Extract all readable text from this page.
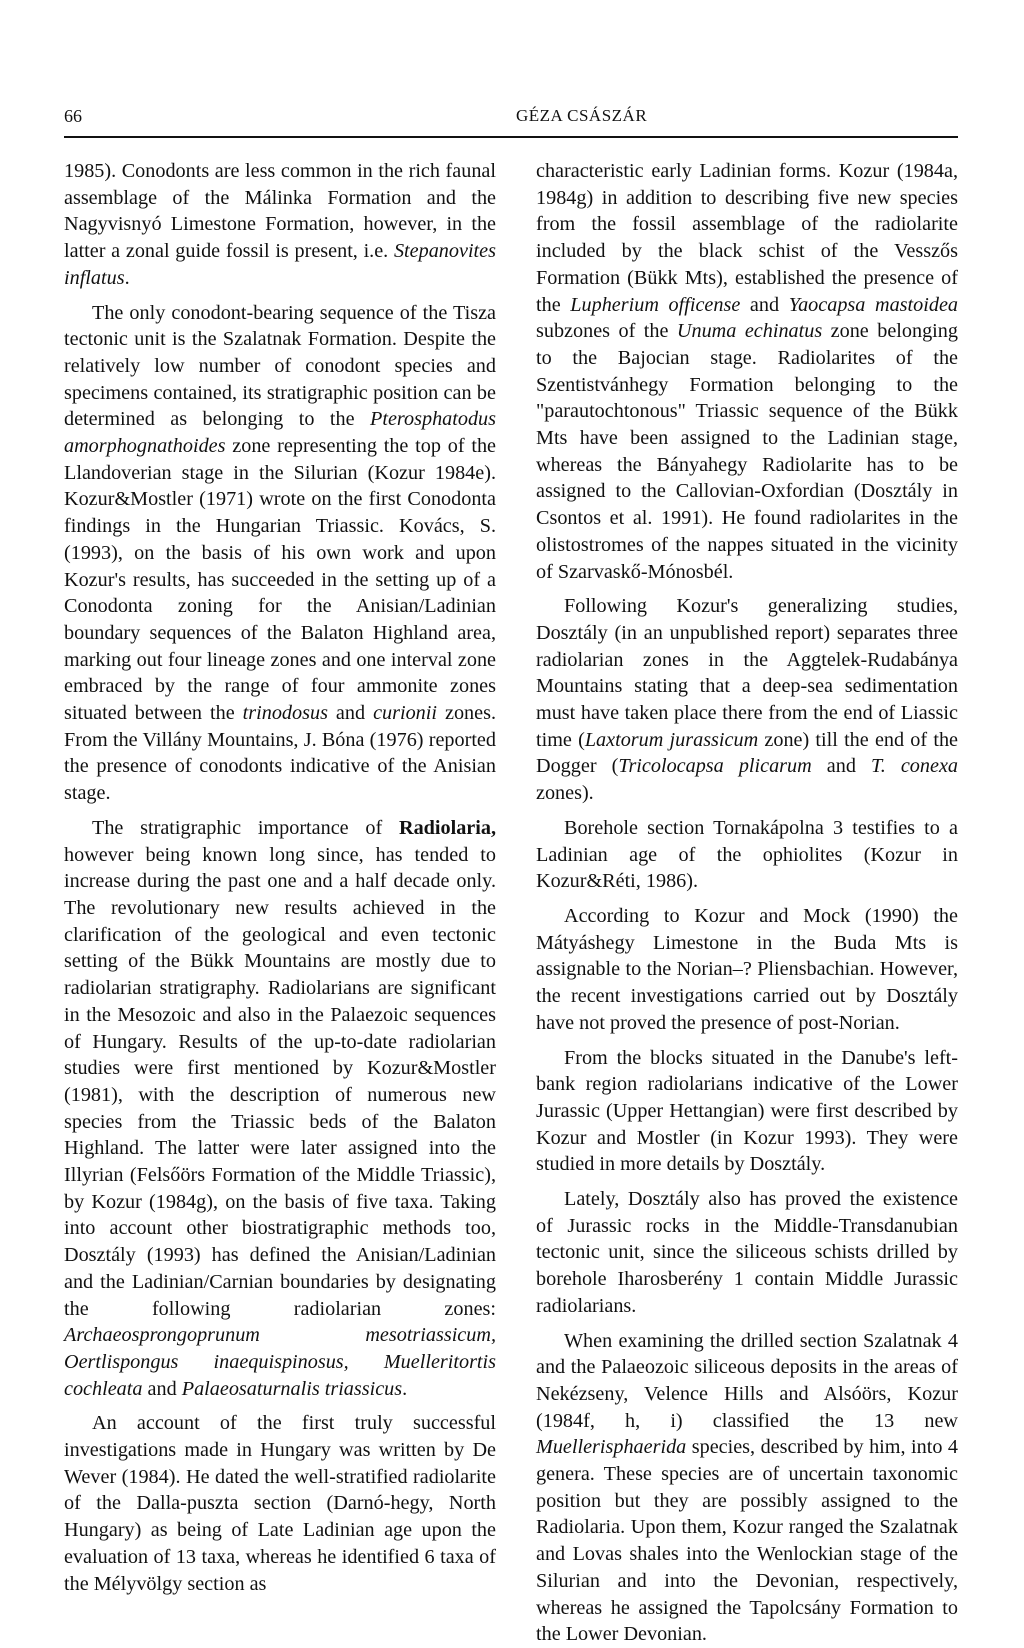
66	GÉZA CSÁSZÁR

1985). Conodonts are less common in the rich faunal assemblage of the Málinka Formation and the Nagyvisnyó Limestone Formation, however, in the latter a zonal guide fossil is present, i.e. Stepanovites inflatus.

The only conodont-bearing sequence of the Tisza tectonic unit is the Szalatnak Formation. Despite the relatively low number of conodont species and specimens contained, its stratigraphic position can be determined as belonging to the Pterosphatodus amorphognathoides zone representing the top of the Llandoverian stage in the Silurian (Kozur 1984e). Kozur&Mostler (1971) wrote on the first Conodonta findings in the Hungarian Triassic. Kovács, S. (1993), on the basis of his own work and upon Kozur's results, has succeeded in the setting up of a Conodonta zoning for the Anisian/Ladinian boundary sequences of the Balaton Highland area, marking out four lineage zones and one interval zone embraced by the range of four ammonite zones situated between the trinodosus and curionii zones. From the Villány Mountains, J. Bóna (1976) reported the presence of conodonts indicative of the Anisian stage.

The stratigraphic importance of Radiolaria, however being known long since, has tended to increase during the past one and a half decade only. The revolutionary new results achieved in the clarification of the geological and even tectonic setting of the Bükk Mountains are mostly due to radiolarian stratigraphy. Radiolarians are significant in the Mesozoic and also in the Palaezoic sequences of Hungary. Results of the up-to-date radiolarian studies were first mentioned by Kozur&Mostler (1981), with the description of numerous new species from the Triassic beds of the Balaton Highland. The latter were later assigned into the Illyrian (Felsőörs Formation of the Middle Triassic), by Kozur (1984g), on the basis of five taxa. Taking into account other biostratigraphic methods too, Dosztály (1993) has defined the Anisian/Ladinian and the Ladinian/Carnian boundaries by designating the following radiolarian zones: Archaeosprongoprunum mesotriassicum, Oertlispongus inaequispinosus, Muelleritortis cochleata and Palaeosaturnalis triassicus.

An account of the first truly successful investigations made in Hungary was written by De Wever (1984). He dated the well-stratified radiolarite of the Dalla-puszta section (Darnó-hegy, North Hungary) as being of Late Ladinian age upon the evaluation of 13 taxa, whereas he identified 6 taxa of the Mélyvölgy section as

characteristic early Ladinian forms. Kozur (1984a, 1984g) in addition to describing five new species from the fossil assemblage of the radiolarite included by the black schist of the Vesszős Formation (Bükk Mts), established the presence of the Lupherium officense and Yaocapsa mastoidea subzones of the Unuma echinatus zone belonging to the Bajocian stage. Radiolarites of the Szentistvánhegy Formation belonging to the "parautochtonous" Triassic sequence of the Bükk Mts have been assigned to the Ladinian stage, whereas the Bányahegy Radiolarite has to be assigned to the Callovian-Oxfordian (Dosztály in Csontos et al. 1991). He found radiolarites in the olistostromes of the nappes situated in the vicinity of Szarvaskő-Mónosbél.

Following Kozur's generalizing studies, Dosztály (in an unpublished report) separates three radiolarian zones in the Aggtelek-Rudabánya Mountains stating that a deep-sea sedimentation must have taken place there from the end of Liassic time (Laxtorum jurassicum zone) till the end of the Dogger (Tricolocapsa plicarum and T. conexa zones).

Borehole section Tornakápolna 3 testifies to a Ladinian age of the ophiolites (Kozur in Kozur&Réti, 1986).

According to Kozur and Mock (1990) the Mátyáshegy Limestone in the Buda Mts is assignable to the Norian–? Pliensbachian. However, the recent investigations carried out by Dosztály have not proved the presence of post-Norian.

From the blocks situated in the Danube's left-bank region radiolarians indicative of the Lower Jurassic (Upper Hettangian) were first described by Kozur and Mostler (in Kozur 1993). They were studied in more details by Dosztály.

Lately, Dosztály also has proved the existence of Jurassic rocks in the Middle-Transdanubian tectonic unit, since the siliceous schists drilled by borehole Iharosberény 1 contain Middle Jurassic radiolarians.

When examining the drilled section Szalatnak 4 and the Palaeozoic siliceous deposits in the areas of Nekézseny, Velence Hills and Alsóörs, Kozur (1984f, h, i) classified the 13 new Muellerisphaerida species, described by him, into 4 genera. These species are of uncertain taxonomic position but they are possibly assigned to the Radiolaria. Upon them, Kozur ranged the Szalatnak and Lovas shales into the Wenlockian stage of the Silurian and into the Devonian, respectively, whereas he assigned the Tapolcsány Formation to the Lower Devonian.
